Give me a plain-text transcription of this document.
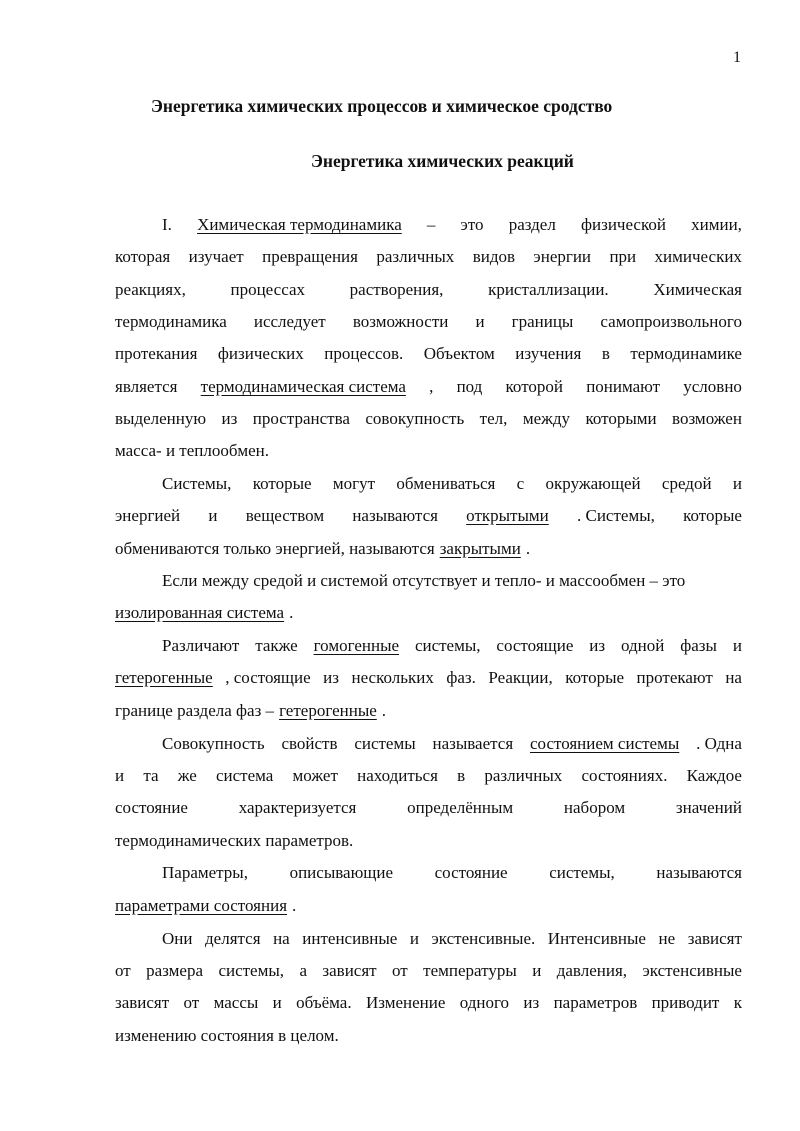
1
Энергетика химических процессов и химическое сродство
Энергетика химических реакций
I. Химическая термодинамика – это раздел физической химии,
которая изучает превращения различных видов энергии при химических
реакциях,	процессах	растворения,	кристаллизации.	Химическая
термодинамика исследует возможности и границы самопроизвольного
протекания физических процессов. Объектом изучения в термодинамике
является термодинамическая система , под которой понимают условно
выделенную из пространства совокупность тел, между которыми возможен
масса- и теплообмен.
Системы, которые могут обмениваться с окружающей средой и
энергией и веществом называются открытыми . Системы, которые
обмениваются только энергией, называются закрытыми .
Если между средой и системой отсутствует и тепло- и массообмен – это
изолированная система .
Различают также гомогенные системы, состоящие из одной фазы и
гетерогенные , состоящие из нескольких фаз. Реакции, которые протекают на
границе раздела фаз – гетерогенные .
Совокупность свойств системы называется состоянием системы . Одна
и та же система может находиться в различных состояниях. Каждое
состояние	характеризуется	определённым	набором	значений
термодинамических параметров.
Параметры, описывающие состояние системы, называются
параметрами состояния .
Они делятся на интенсивные и экстенсивные. Интенсивные не зависят
от размера системы, а зависят от температуры и давления, экстенсивные
зависят от массы и объёма. Изменение одного из параметров приводит к
изменению состояния в целом.
